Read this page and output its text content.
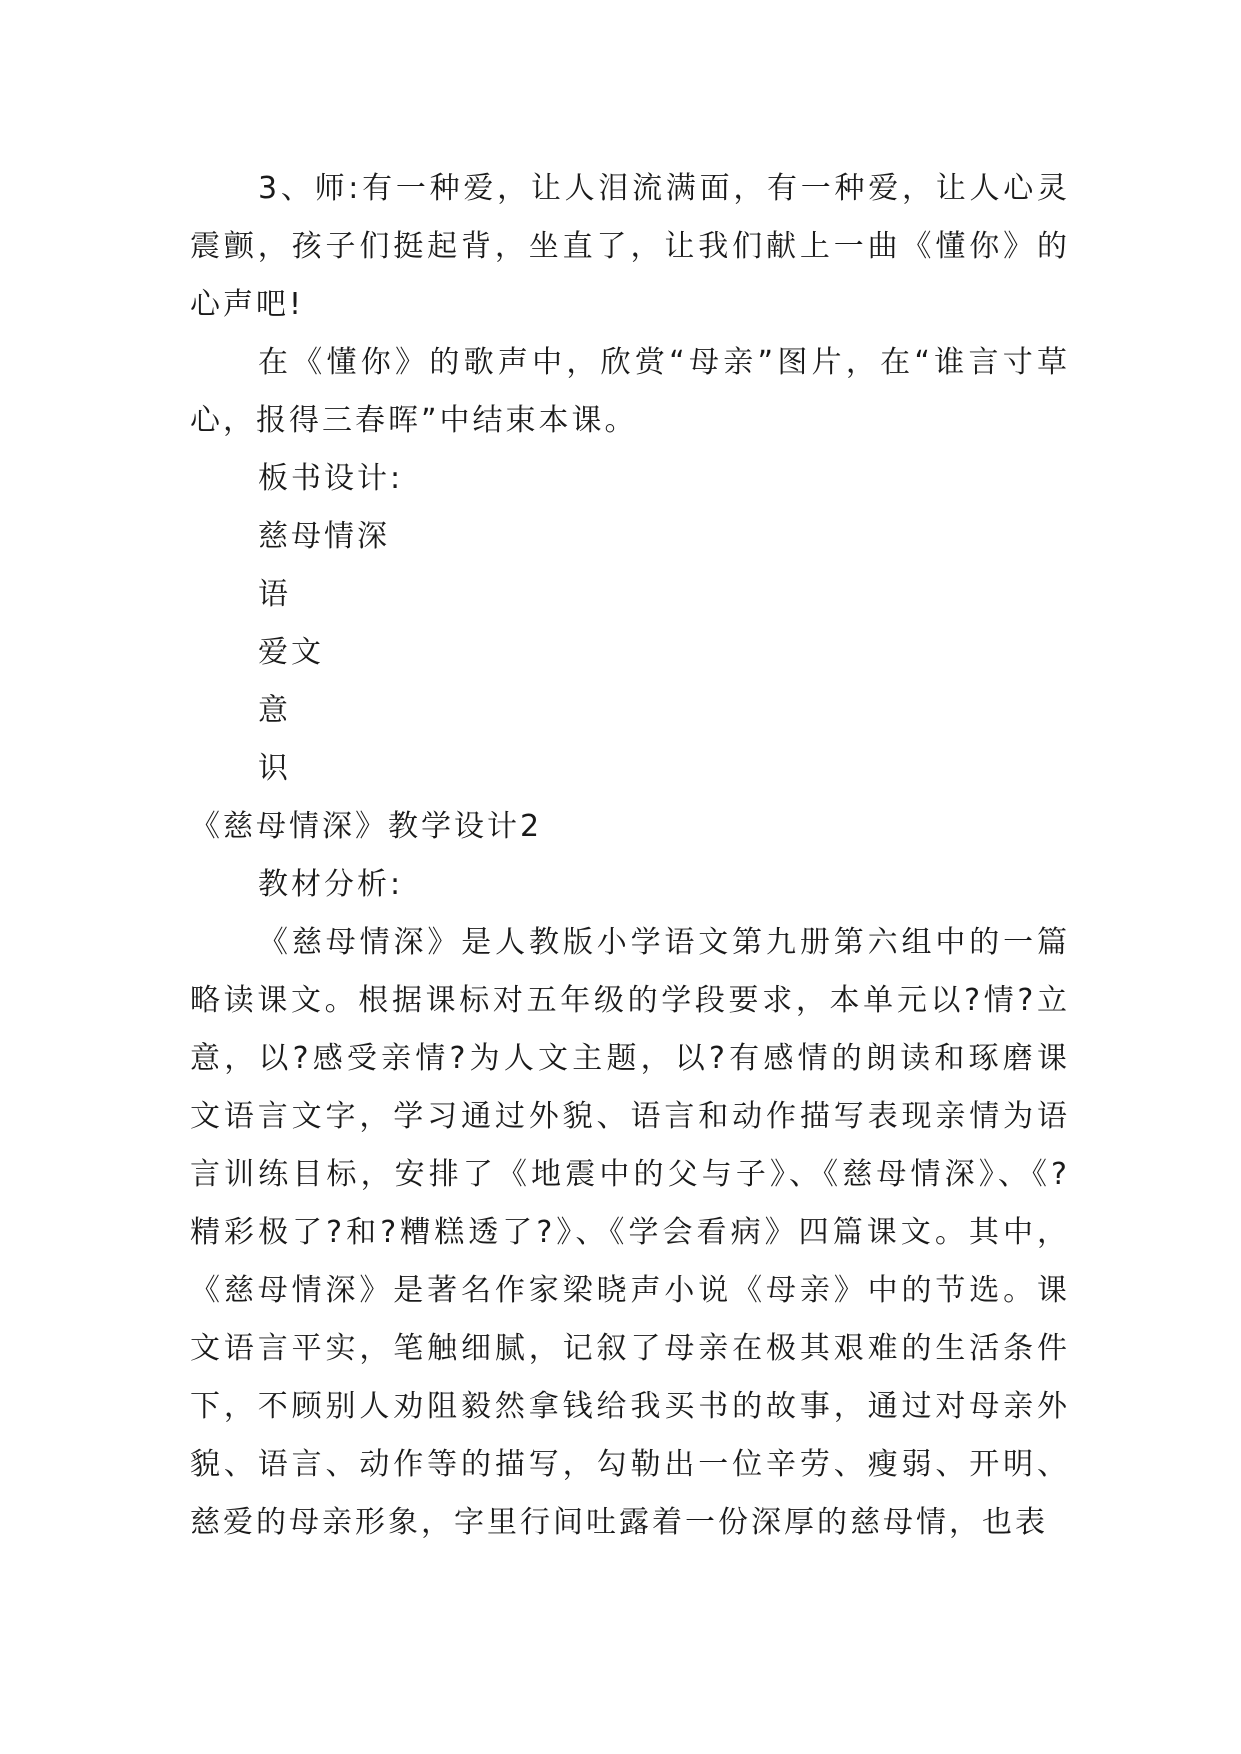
3、师:有一种爱，让人泪流满面，有一种爱，让人心灵震颤，孩子们挺起背，坐直了，让我们献上一曲《懂你》的心声吧!

在《懂你》的歌声中，欣赏“母亲”图片，在“谁言寸草心，报得三春晖”中结束本课。

板书设计:

慈母情深

语

爱文

意

识

《慈母情深》教学设计2

教材分析:

《慈母情深》是人教版小学语文第九册第六组中的一篇略读课文。根据课标对五年级的学段要求，本单元以?情?立意，以?感受亲情?为人文主题，以?有感情的朗读和琢磨课文语言文字，学习通过外貌、语言和动作描写表现亲情为语言训练目标，安排了《地震中的父与子》、《慈母情深》、《?精彩极了?和?糟糕透了?》、《学会看病》四篇课文。其中，《慈母情深》是著名作家梁晓声小说《母亲》中的节选。课文语言平实，笔触细腻，记叙了母亲在极其艰难的生活条件下，不顾别人劝阻毅然拿钱给我买书的故事，通过对母亲外貌、语言、动作等的描写，勾勒出一位辛劳、瘦弱、开明、慈爱的母亲形象，字里行间吐露着一份深厚的慈母情，也表
